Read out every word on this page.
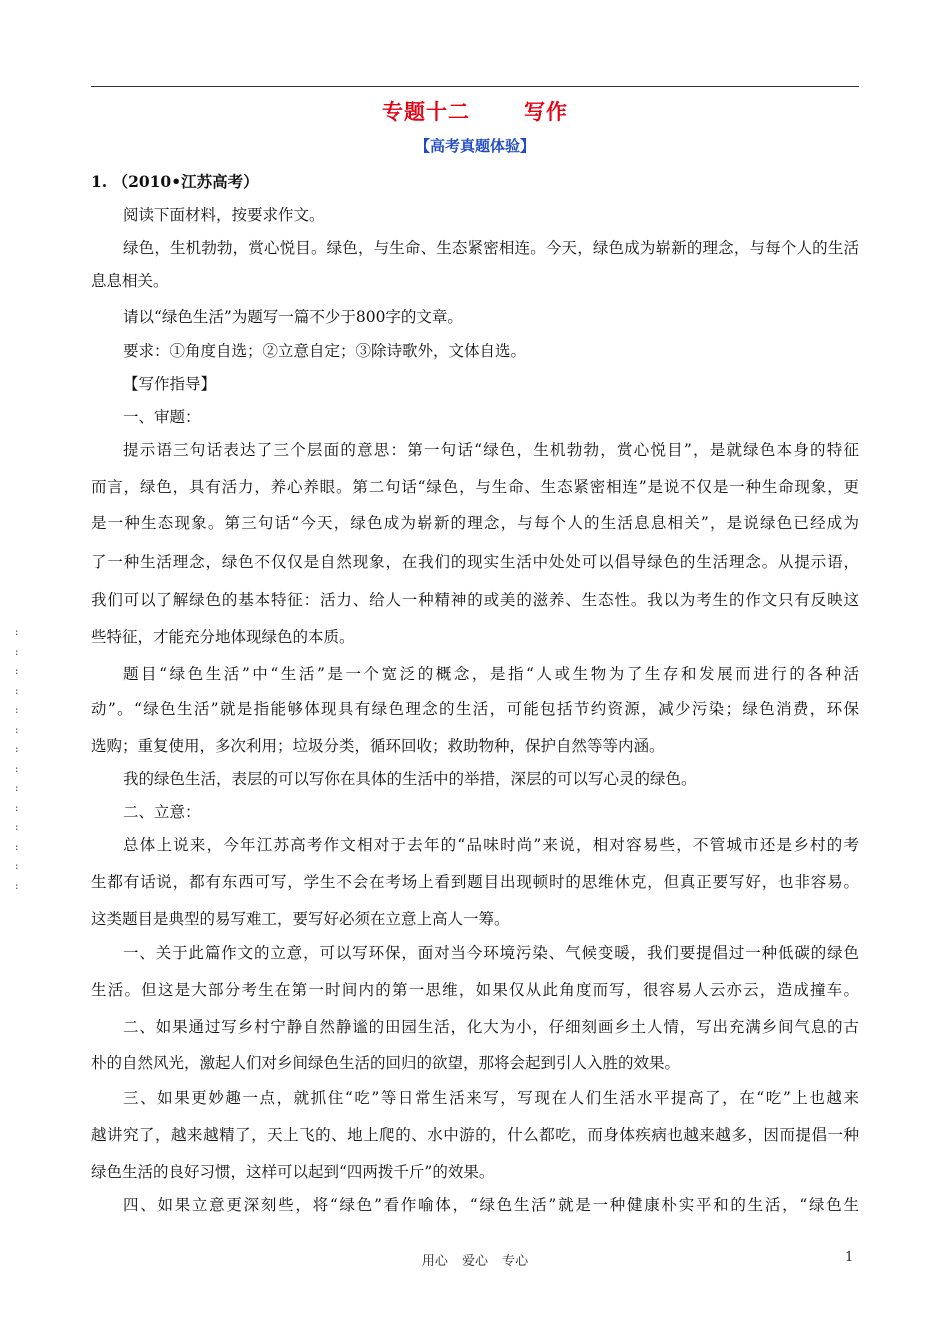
专题十二	写作
【高考真题体验】
1. （2010•江苏高考）
阅读下面材料，按要求作文。
绿色，生机勃勃，赏心悦目。绿色，与生命、生态紧密相连。今天，绿色成为崭新的理念，与每个人的生活
息息相关。
请以“绿色生活”为题写一篇不少于800字的文章。
要求：①角度自选；②立意自定；③除诗歌外，文体自选。
【写作指导】
一、审题：
提示语三句话表达了三个层面的意思：第一句话“绿色，生机勃勃，赏心悦目”，是就绿色本身的特征
而言，绿色，具有活力，养心养眼。第二句话“绿色，与生命、生态紧密相连”是说不仅是一种生命现象，更
是一种生态现象。第三句话“今天，绿色成为崭新的理念，与每个人的生活息息相关”，是说绿色已经成为
了一种生活理念，绿色不仅仅是自然现象，在我们的现实生活中处处可以倡导绿色的生活理念。从提示语，
我们可以了解绿色的基本特征：活力、给人一种精神的或美的滋养、生态性。我以为考生的作文只有反映这
些特征，才能充分地体现绿色的本质。
题目“绿色生活”中“生活”是一个宽泛的概念，是指“人或生物为了生存和发展而进行的各种活
动”。“绿色生活”就是指能够体现具有绿色理念的生活，可能包括节约资源，减少污染；绿色消费，环保
选购；重复使用，多次利用；垃圾分类，循环回收；救助物种，保护自然等等内涵。
我的绿色生活，表层的可以写你在具体的生活中的举措，深层的可以写心灵的绿色。
二、立意：
总体上说来，今年江苏高考作文相对于去年的“品味时尚”来说，相对容易些，不管城市还是乡村的考
生都有话说，都有东西可写，学生不会在考场上看到题目出现顿时的思维休克，但真正要写好，也非容易。
这类题目是典型的易写难工，要写好必须在立意上高人一筹。
一、关于此篇作文的立意，可以写环保，面对当今环境污染、气候变暖，我们要提倡过一种低碳的绿色
生活。但这是大部分考生在第一时间内的第一思维，如果仅从此角度而写，很容易人云亦云，造成撞车。
二、如果通过写乡村宁静自然静谧的田园生活，化大为小，仔细刻画乡土人情，写出充满乡间气息的古
朴的自然风光，激起人们对乡间绿色生活的回归的欲望，那将会起到引人入胜的效果。
三、如果更妙趣一点，就抓住“吃”等日常生活来写，写现在人们生活水平提高了，在“吃”上也越来
越讲究了，越来越精了，天上飞的、地上爬的、水中游的，什么都吃，而身体疾病也越来越多，因而提倡一种
绿色生活的良好习惯，这样可以起到“四两拨千斤”的效果。
四、如果立意更深刻些，将“绿色”看作喻体，“绿色生活”就是一种健康朴实平和的生活，“绿色生
: :
: :
: :
: :
: :
: :
: :
用心 爱心 专心	1
